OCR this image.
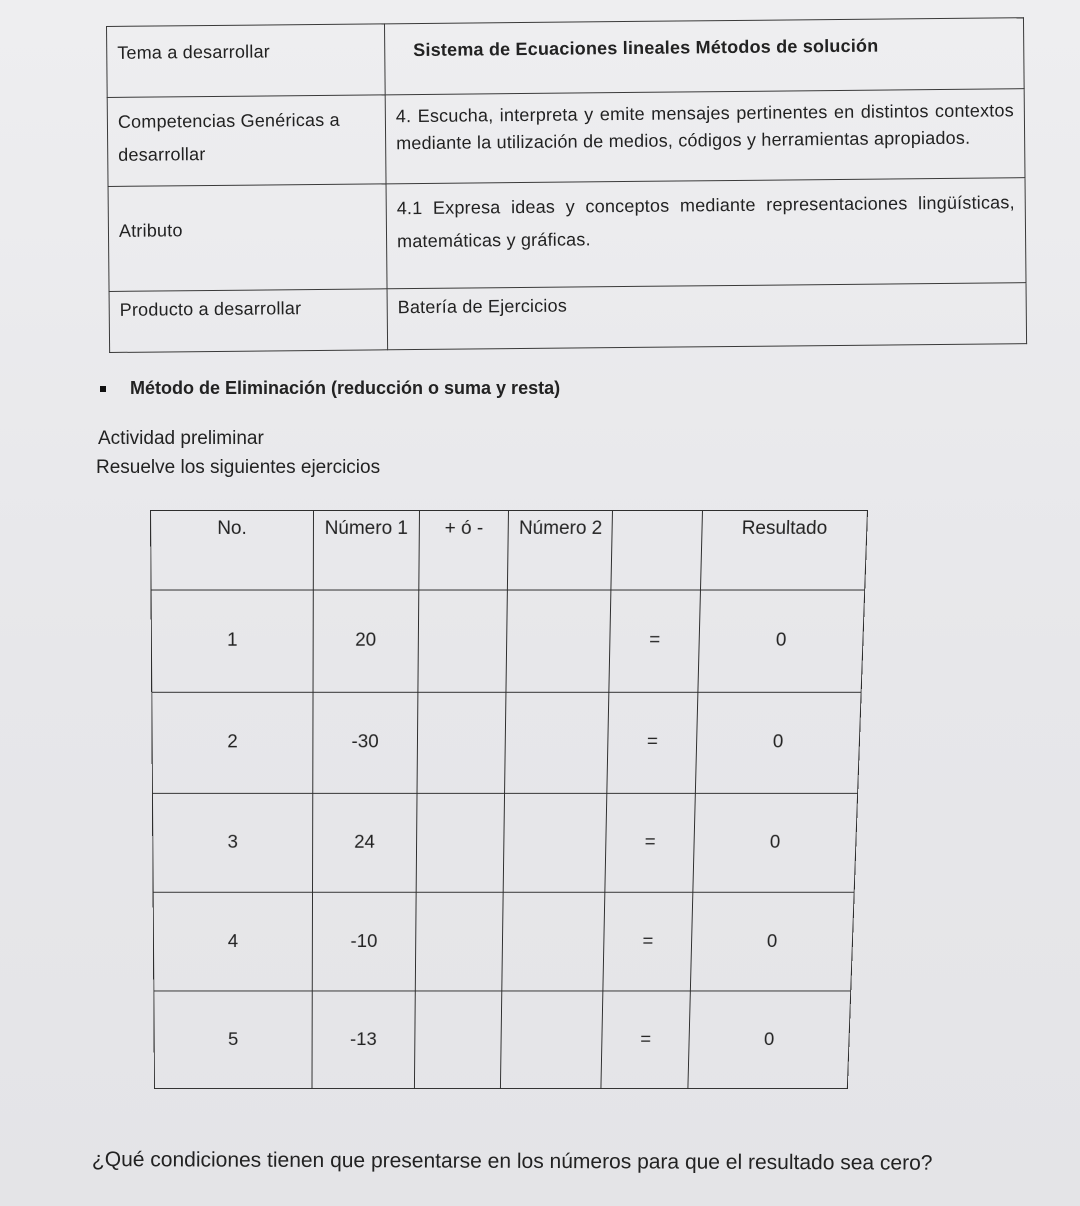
Tema a desarrollar	Sistema de Ecuaciones lineales Métodos de solución
Competencias Genéricas a desarrollar	4. Escucha, interpreta y emite mensajes pertinentes en distintos contextos mediante la utilización de medios, códigos y herramientas apropiados.
Atributo	4.1 Expresa ideas y conceptos mediante representaciones lingüísticas, matemáticas y gráficas.
Producto a desarrollar	Batería de Ejercicios
Método de Eliminación (reducción o suma y resta)
Actividad preliminar
Resuelve los siguientes ejercicios
No.	Número 1	+ ó -	Número 2		Resultado
1	20			=	0
2	-30			=	0
3	24			=	0
4	-10			=	0
5	-13			=	0
¿Qué condiciones tienen que presentarse en los números para que el resultado sea cero?
